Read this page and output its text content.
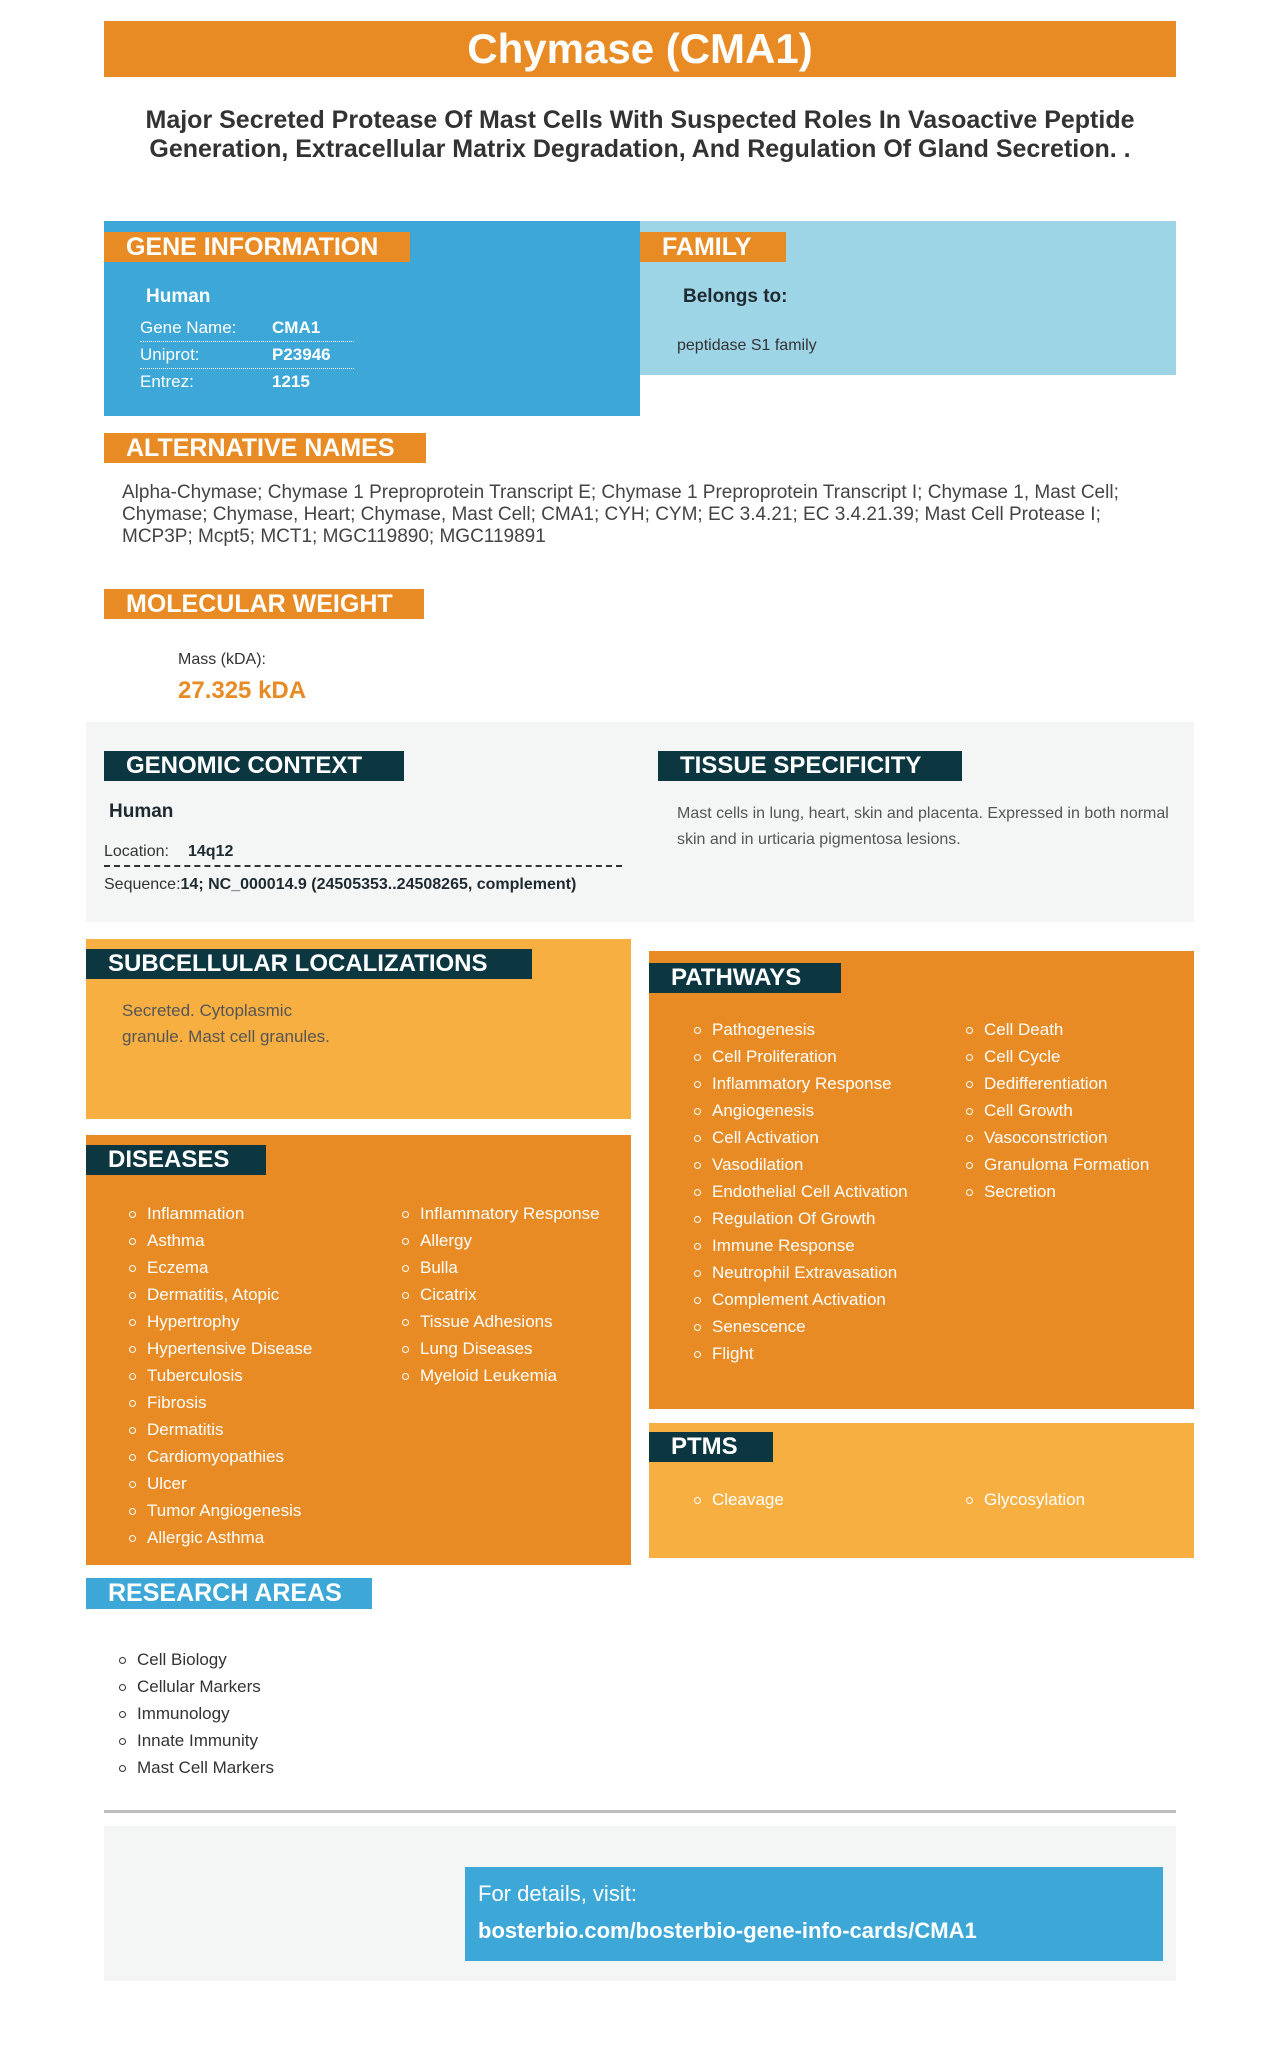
Chymase (CMA1)
Major Secreted Protease Of Mast Cells With Suspected Roles In Vasoactive Peptide Generation, Extracellular Matrix Degradation, And Regulation Of Gland Secretion. .
GENE INFORMATION
Human
Gene Name:	CMA1
Uniprot:	P23946
Entrez:	1215
FAMILY
Belongs to:
peptidase S1 family
ALTERNATIVE NAMES
Alpha-Chymase; Chymase 1 Preproprotein Transcript E; Chymase 1 Preproprotein Transcript I; Chymase 1, Mast Cell; Chymase; Chymase, Heart; Chymase, Mast Cell; CMA1; CYH; CYM; EC 3.4.21; EC 3.4.21.39; Mast Cell Protease I; MCP3P; Mcpt5; MCT1; MGC119890; MGC119891
MOLECULAR WEIGHT
Mass (kDA):
27.325 kDA
GENOMIC CONTEXT
Human
Location:	14q12
Sequence: 14; NC_000014.9 (24505353..24508265, complement)
TISSUE SPECIFICITY
Mast cells in lung, heart, skin and placenta. Expressed in both normal skin and in urticaria pigmentosa lesions.
SUBCELLULAR LOCALIZATIONS
Secreted. Cytoplasmic granule. Mast cell granules.
PATHWAYS
Pathogenesis
Cell Proliferation
Inflammatory Response
Angiogenesis
Cell Activation
Vasodilation
Endothelial Cell Activation
Regulation Of Growth
Immune Response
Neutrophil Extravasation
Complement Activation
Senescence
Flight
Cell Death
Cell Cycle
Dedifferentiation
Cell Growth
Vasoconstriction
Granuloma Formation
Secretion
DISEASES
Inflammation
Asthma
Eczema
Dermatitis, Atopic
Hypertrophy
Hypertensive Disease
Tuberculosis
Fibrosis
Dermatitis
Cardiomyopathies
Ulcer
Tumor Angiogenesis
Allergic Asthma
Inflammatory Response
Allergy
Bulla
Cicatrix
Tissue Adhesions
Lung Diseases
Myeloid Leukemia
PTMS
Cleavage	Glycosylation
RESEARCH AREAS
Cell Biology
Cellular Markers
Immunology
Innate Immunity
Mast Cell Markers
For details, visit:
bosterbio.com/bosterbio-gene-info-cards/CMA1
